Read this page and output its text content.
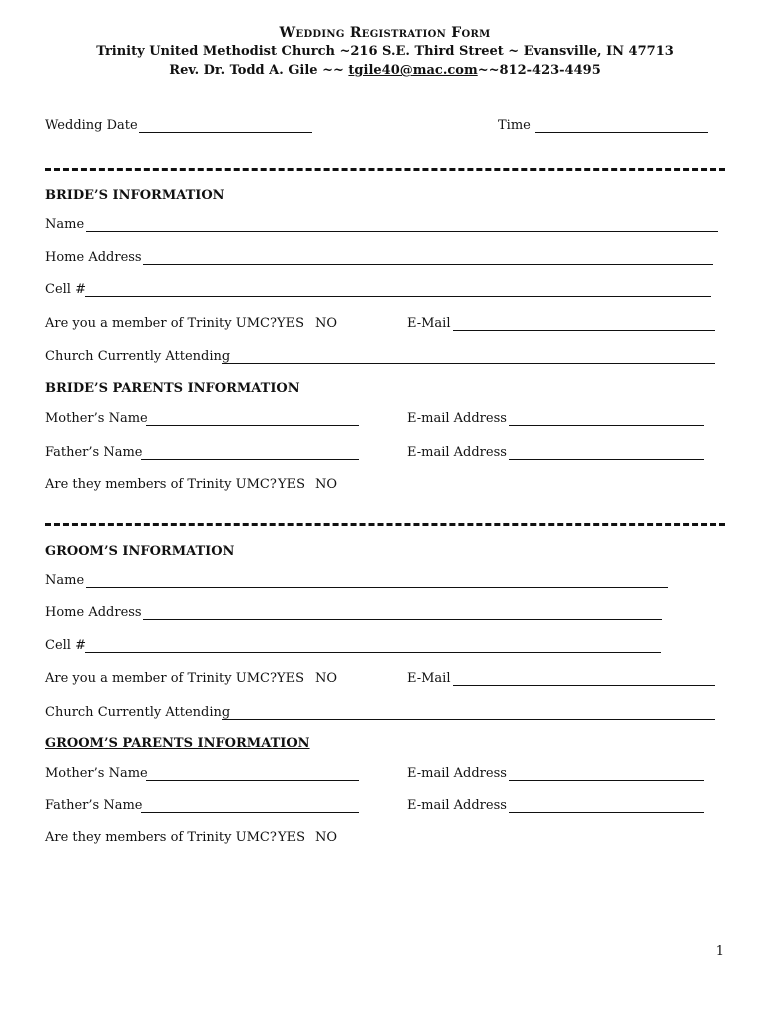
Wedding Registration Form
Trinity United Methodist Church ~216 S.E. Third Street ~ Evansville, IN 47713
Rev. Dr. Todd A. Gile ~~ tgile40@mac.com~~812-423-4495
Wedding Date	Time
BRIDE’S INFORMATION
Name
Home Address
Cell #
Are you a member of Trinity UMC? YES NO	E-Mail
Church Currently Attending
BRIDE’S PARENTS INFORMATION
Mother’s Name	E-mail Address
Father’s Name	E-mail Address
Are they members of Trinity UMC? YES NO
GROOM’S INFORMATION
Name
Home Address
Cell #
Are you a member of Trinity UMC? YES NO	E-Mail
Church Currently Attending
GROOM’S PARENTS INFORMATION
Mother’s Name	E-mail Address
Father’s Name	E-mail Address
Are they members of Trinity UMC? YES NO
1
